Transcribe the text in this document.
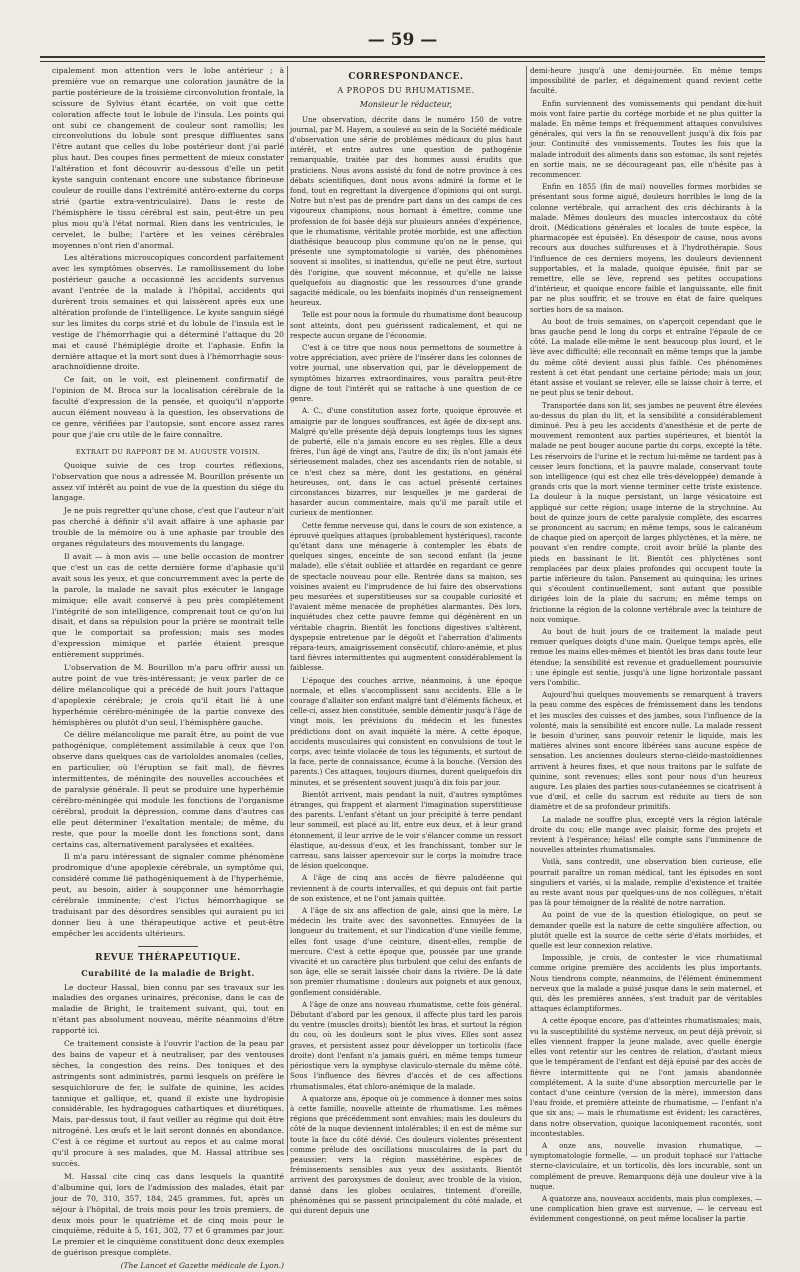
— 59 —

cipalement mon attention vers le lobe antérieur ; à première vue on remarque une coloration jaunâtre de la partie postérieure de la troisième circonvolution frontale, la scissure de Sylvius étant écartée, on voit que cette coloration affecte tout le lobule de l'insula. Les points qui ont subi ce changement de couleur sont ramollis; les circonvolutions du lobule sont presque diffluentes sans l'être autant que celles du lobe postérieur dont j'ai parlé plus haut. Des coupes fines permettent de mieux constater l'altération et font découvrir au-dessous d'elle un petit kyste sanguin contenant encore une substance fibrineuse couleur de rouille dans l'extrémité antéro-externe du corps strié (partie extra-ventriculaire). Dans le reste de l'hémisphère le tissu cérébral est sain, peut-être un peu plus mou qu'à l'état normal. Rien dans les ventricules, le cervelet, le bulbe; l'artère et les veines cérébrales moyennes n'ont rien d'anormal.

Les altérations microscopiques concordent parfaitement avec les symptômes observés. Le ramollissement du lobe postérieur gauche a occasionné les accidents survenus avant l'entrée de la malade à l'hôpital, accidents qui durèrent trois semaines et qui laissèrent après eux une altération profonde de l'intelligence. Le kyste sanguin siégé sur les limites du corps strié et du lobule de l'insula est le vestige de l'hémorrhagie qui a déterminé l'attaque du 20 mai et causé l'hémiplégie droite et l'aphasie. Enfin la dernière attaque et la mort sont dues à l'hémorrhagie sous-arachnoïdienne droite.

Ce fait, on le voit, est pleinement confirmatif de l'opinion de M. Broca sur la localisation cérébrale de la faculté d'expression de la pensée, et quoiqu'il n'apporte aucun élément nouveau à la question, les observations de ce genre, vérifiées par l'autopsie, sont encore assez rares pour que j'aie cru utile de le faire connaître.

EXTRAIT DU RAPPORT DE M. AUGUSTE VOISIN.

Quoique suivie de ces trop courtes réflexions, l'observation que nous a adressée M. Bourillon présente un assez vif intérêt au point de vue de la question du siége du langage.

Je ne puis regretter qu'une chose, c'est que l'auteur n'ait pas cherché à définir s'il avait affaire à une aphasie par trouble de la mémoire ou à une aphasie par trouble des organes régulateurs des mouvements du langage.

Il avait — à mon avis — une belle occasion de montrer que c'est un cas de cette dernière forme d'aphasie qu'il avait sous les yeux, et que concurremment avec la perte de la parole, la malade ne savait plus exécuter le langage mimique; elle avait conservé à peu près complétement l'intégrité de son intelligence, comprenait tout ce qu'on lui disait, et dans sa répulsion pour la prière se montrait telle que le comportait sa profession; mais ses modes d'expression mimique et parlée étaient presque entièrement supprimés.

L'observation de M. Bourillon m'a paru offrir aussi un autre point de vue très-intéressant; je veux parler de ce délire mélancolique qui a précédé de huit jours l'attaque d'apoplexie cérébrale; je crois qu'il était lié à une hyperhémie cérébro-méningée de la partie convexe des hémisphères ou plutôt d'un seul, l'hémisphère gauche.

Ce délire mélancolique me paraît être, au point de vue pathogénique, complétement assimilable à ceux que l'on observe dans quelques cas de variololdes anomales (celles, en particulier, où l'éruption se fait mal), de fièvres intermittentes, de méningite des nouvelles accouchées et de paralysie générale. Il peut se produire une hyperhémie cérébro-méningée qui module les fonctions de l'organisme cérébral, produit la dépression, comme dans d'autres cas elle peut déterminer l'exaltation mentale; de même, du reste, que pour la moelle dont les fonctions sont, dans certains cas, alternativement paralysées et exaltées.

Il m'a paru intéressant de signaler comme phénomène prodromique d'une apoplexie cérébrale, un symptôme qui, considéré comme lié pathogéniquement à de l'hyperhémie, peut, au besoin, aider à soupçonner une hémorrhagie cérébrale imminente; c'est l'ictus hémorrhagique se traduisant par des désordres sensibles qui auraient pu ici donner lieu à une thérapeutique active et peut-être empêcher les accidents ultérieurs.

REVUE THÉRAPEUTIQUE.
Curabilité de la maladie de Bright.

Le docteur Hassal, bien connu par ses travaux sur les maladies des organes urinaires, préconise, dans le cas de maladie de Bright, le traitement suivant, qui, tout en n'étant pas absolument nouveau, mérite néanmoins d'être rapporté ici.

Ce traitement consiste à l'ouvrir l'action de la peau par des bains de vapeur et à neutraliser, par des ventouses sèches, la congestion des reins. Des toniques et des astringents sont administrés, parmi lesquels on préfère le sesquichlorure de fer, le sulfate de quinine, les acides tannique et gallique, et, quand il existe une hydropisie considérable, les hydragogues cathartiques et diurétiques. Mais, par-dessus tout, il faut veiller au régime qui doit être nitrogéné. Les œufs et le lait seront donnés en abondance. C'est à ce régime et surtout au repos et au calme moral qu'il procure à ses malades, que M. Hassal attribue ses succès.

M. Hassal cite cinq cas dans lesquels la quantité d'albumine qui, lors de l'admission des malades, était par jour de 70, 310, 357, 184, 245 grammes, fut, après un séjour à l'hôpital, de trois mois pour les trois premiers, de deux mois pour le quatrième et de cinq mois pour le cinquième, réduite à 5, 161, 302, 77 et 6 grammes par jour. Le premier et le cinquième constituent donc deux exemples de guérison presque complète.

(The Lancet et Gazette médicale de Lyon.)
CORRESPONDANCE.
A PROPOS DU RHUMATISME.
Monsieur le rédacteur,

Une observation, décrite dans le numéro 150 de votre journal, par M. Hayem, a soulevé au sein de la Société médicale d'observation une série de problèmes médicaux du plus haut intérêt, et entre autres une question de pathogénie remarquable, traitée par des hommes aussi érudits que praticiens. Nous avons assisté du fond de notre province à ces débats scientifiques, dont nous avons admiré la forme et le fond, tout en regrettant la divergence d'opinions qui ont surgi. Notre but n'est pas de prendre part dans un des camps de ces vigoureux champions, nous bornant à émettre, comme une profession de foi basée déjà sur plusieurs années d'expérience, que le rhumatisme, véritable protée morbide, est une affection diathésique beaucoup plus commune qu'on ne le pense, qui présente une symptomatologie si variée, des phénomènes souvent si insolites, si inattendus, qu'elle ne peut être, surtout dès l'origine, que souvent méconnue, et qu'elle ne laisse quelquefois au diagnostic que les ressources d'une grande sagacité médicale, ou les bienfaits inopinés d'un renseignement heureux.

Telle est pour nous la formule du rhumatisme dont beaucoup sont atteints, dont peu guérissent radicalement, et qui ne respecte aucun organe de l'économie.

C'est à ce titre que nous nous permettons de soumettre à votre appréciation, avec prière de l'insérer dans les colonnes de votre journal, une observation qui, par le développement de symptômes bizarres extraordinaires, vous paraîtra peut-être digne de tout l'intérêt qui se rattache à une question de ce genre.

A. C., d'une constitution assez forte, quoique éprouvée et amaigrie par de longues souffrances, est âgée de dix-sept ans. Malgré qu'elle présente déjà depuis longtemps tous les signes de puberté, elle n'a jamais encore eu ses règles. Elle a deux frères, l'un âgé de vingt ans, l'autre de dix; ils n'ont jamais été sérieusement malades, chez ses ascendants rien de notable, si ce n'est chez sa mère, dont les gestations, en général heureuses, ont, dans le cas actuel présenté certaines circonstances bizarres, sur lesquelles je me garderai de hasarder aucun commentaire, mais qu'il me paraît utile et curieux de mentionner.

Cette femme nerveuse qui, dans le cours de son existence, a éprouvé quelques attaques (probablement hystériques), raconte qu'étant dans une ménagerie à contempler les ébats de quelques singes, enceinte de son second enfant (la jeune malade), elle s'était oubliée et attardée en regardant ce genre de spectacle nouveau pour elle. Rentrée dans sa maison, ses voisines avaient eu l'imprudence de lui faire des observations peu mesurées et superstitieuses sur sa coupable curiosité et l'avaient même menacée de prophéties alarmantes. Dès lors, inquiétudes chez cette pauvre femme qui dégénèrent en un véritable chagrin. Bientôt les fonctions digestives s'altèrent, dyspepsie entretenue par le dégoût et l'aberration d'aliments répara-teurs, amaigrissement consécutif, chloro-anémie, et plus tard fièvres intermittentes qui augmentent considérablement la faiblesse.

L'époque des couches arrive, néanmoins, à une époque normale, et elles s'accomplissent sans accidents. Elle a le courage d'allaiter son enfant malgré tant d'éléments fâcheux, et celle-ci, assez bien constituée, semble démentir jusqu'à l'âge de vingt mois, les prévisions du médecin et les funestes prédictions dont on avait inquiété la mère. A cette époque, accidents musculaires qui consistent en convulsions de tout le corps, avec teinte violacée de tous les téguments, et surtout de la face, perte de connaissance, écume à la bouche. (Version des parents.) Ces attaques, toujours diurnes, durent quelquefois dix minutes, et se présentent souvent jusqu'à dix fois par jour.

Bientôt arrivent, mais pendant la nuit, d'autres symptômes étranges, qui frappent et alarment l'imagination superstitieuse des parents. L'enfant s'étant un jour précipité à terre pendant leur sommeil, est placé au lit, entre eux deux, et à leur grand étonnement, il leur arrive de le voir s'élancer comme un ressort élastique, au-dessus d'eux, et les franchissant, tomber sur le carreau, sans laisser apercevoir sur le corps la moindre trace de lésion quelconque.

A l'âge de cinq ans accès de fièvre paludéenne qui reviennent à de courts intervalles, et qui depuis ont fait partie de son existence, et ne l'ont jamais quittée.

A l'âge de six ans affection de gale, ainsi que la mère. Le médecin les traite avec des savonnettes. Ennuyées de la longueur du traitement, et sur l'indication d'une vieille femme, elles font usage d'une ceinture, disent-elles, remplie de mercure. C'est à cette époque que, poussée par une grande vivacité et un caractère plus turbulent que celui des enfants de son âge, elle se serait laissée choir dans la rivière. De là date son premier rhumatisme : douleurs aux poignets et aux genoux, gonflement considérable.

A l'âge de onze ans nouveau rhumatisme, cette fois général. Débutant d'abord par les genoux, il affecte plus tard les parois du ventre (muscles droits); bientôt les bras, et surtout la région du cou, où les douleurs sont le plus vives. Elles sont assez graves, et persistent assez pour développer un torticolis (face droite) dont l'enfant n'a jamais guéri, en même temps tumeur périostique vers la symphyse claviculo-sternale du même côté. Sous l'influence des fièvres d'accès et de ces affections rhumatismales, état chloro-anémique de la malade.

A quatorze ans, époque où je commence à donner mes soins à cette famille, nouvelle atteinte de rhumatisme. Les mêmes régions que précédemment sont envahies; mais les douleurs du côté de la nuque deviennent intolérables; il en est de même sur toute la face du côté dévié. Ces douleurs violentes présentent comme prélude des oscillations musculaires de la part du peaussier; vers la région massétérine, espèces de frémissements sensibles aux yeux des assistants. Bientôt arrivent des paroxysmes de douleur, avec trouble de la vision, dansé dans les globes oculaires, tintement d'oreille, phénomènes qui se passent principalement du côté malade, et qui durent depuis une

demi-heure jusqu'à une demi-journée. En même temps impossibilité de parler, et dégainement quand revient cette faculté.

Enfin surviennent des vomissements qui pendant dix-huit mois vont faire partie du cortége morbide et ne plus quitter la malade. En même temps et fréquemment attaques convulsives générales, qui vers la fin se renouvellent jusqu'à dix fois par jour. Continuité des vomissements. Toutes les fois que la malade introduit des aliments dans son estomac, ils sont rejetés en sortie mais, ne se décourageant pas, elle n'hésite pas à recommencer.

Enfin en 1855 (fin de mai) nouvelles formes morbides se présentant sous forme aiguë, douleurs horribles le long de la colonne vertébrale, qui arrachent des cris déchirants à la malade. Mêmes douleurs des muscles intercostaux du côté droit. (Médications générales et locales de toute espèce, la pharmacopée est épuisée). En désespoir de cause, nous avons recours aux douches sulfureuses et à l'hydrothérapie. Sous l'influence de ces derniers moyens, les douleurs deviennent supportables, et la malade, quoique épuisée, finit par se remettre, elle se lève, reprend ses petites occupations d'intérieur, et quoique encore faible et languissante, elle finit par ne plus souffrir, et se trouve en état de faire quelques sorties hors de sa maison.

Au bout de trois semaines, on s'aperçoit cependant que le bras gauche pend le long du corps et entraîne l'épaule de ce côté. La malade elle-même le sent beaucoup plus lourd, et le lève avec difficulté; elle reconnaît en même temps que la jambe du même côté devient aussi plus faible. Ces phénomènes restent à cet état pendant une certaine période; mais un jour, étant assise et voulant se relever, elle se laisse choir à terre, et ne peut plus se tenir debout.

Transportée dans son lit, ses jambes ne peuvent être élevées au-dessus du plan du lit, et la sensibilité a considérablement diminué. Peu à peu les accidents d'anesthésie et de perte de mouvement remontent aux parties supérieures, et bientôt la malade ne peut bouger aucune partie du corps, excepté la tête. Les réservoirs de l'urine et le rectum lui-même ne tardent pas à cesser leurs fonctions, et la pauvre malade, conservant toute son intelligence (qui est chez elle très-développée) demande à grands cris que la mort vienne terminer cette triste existence. La douleur à la nuque persistant, un large vésicatoire est appliqué sur cette région; usage interne de la strychnine. Au bout de quinze jours de cette paralysie complète, des escarres se prononcent au sacrum; en même temps, sous le calcanéum de chaque pied on aperçoit de larges phlyctènes, et la mère, ne pouvant s'en rendre compte, croit avoir brûlé la plante des pieds en bassinant le lit. Bientôt ces phlyctènes sont remplacées par deux plaies profondes qui occupent toute la partie inférieure du talon. Pansement au quinquina; les urines qui s'écoulent continuellement, sont autant que possible dirigées loin de la plaie du sacrum; en même temps on frictionne la région de la colonne vertébrale avec la teinture de noix vomique.

Au bout de huit jours de ce traitement la malade peut remuer quelques doigts d'une main. Quelque temps après, elle remue les mains elles-mêmes et bientôt les bras dans toute leur étendue; la sensibilité est revenue et graduellement poursuivie : une épingle est sentie, jusqu'à une ligne horizontale passant vers l'ombilic.

Aujourd'hui quelques mouvements se remarquent à travers la peau comme des espèces de frémissement dans les tendons et les muscles des cuisses et des jambes, sous l'influence de la volonté, mais la sensibilité est encore nulle. La malade ressent le besoin d'uriner, sans pouvoir retenir le liquide, mais les matières alvines sont encore libérées sans aucune espèce de sensation. Les anciennes douleurs sterno-cléido-mastoïdiennes arrivent à heures fixes, et que nous traitons par le sulfate de quinine, sont revenues; elles sont pour nous d'un heureux augure. Les plaies des parties sous-cutanéennes se cicatrisent à vue d'œil, et celle du sacrum est réduite au tiers de son diamètre et de sa profondeur primitifs.

La malade ne souffre plus, excepté vers la région latérale droite du cou; elle mange avec plaisir, forme des projets et revient à l'espérance; hélas! elle compte sans l'imminence de nouvelles atteintes rhumatismales.

Voilà, sans contredit, une observation bien curieuse, elle pourrait paraître un roman médical, tant les épisodes en sont singuliers et variés, si la malade, remplie d'existence et traitée au reste avant nous par quelques-uns de nos collègues, n'était pas là pour témoigner de la réalité de notre narration.

Au point de vue de la question étiologique, on peut se demander quelle est la nature de cette singulière affection, ou plutôt quelle est la source de cette série d'états morbides, et quelle est leur connexion relative.

Impossible, je crois, de contester le vice rhumatismal comme origine première des accidents les plus importants. Nous tiendrons compte, néanmoins, de l'élément éminemment nerveux que la malade a puisé jusque dans le sein maternel, et qui, dès les premières années, s'est traduit par de véritables attaques éclamptiformes.

A cette époque encore, pas d'atteintes rhumatismales; mais, vu la susceptibilité du système nerveux, on peut déjà prévoir, si elles viennent frapper la jeune malade, avec quelle énergie elles vont retentir sur les centres de relation, d'autant mieux que le tempérament de l'enfant est déjà épuisé par des accès de fièvre intermittente qui ne l'ont jamais abandonnée complétement. A la suite d'une absorption mercurielle par le contact d'une ceinture (version de la mère), immersion dans l'eau froide, et première atteinte de rhumatisme, — l'enfant n'a que six ans; — mais le rhumatisme est évident; les caractères, dans notre observation, quoique laconiquement racontés, sont incontestables.

A onze ans, nouvelle invasion rhumatique, — symptomatologie formelle, — un produit tophacé sur l'attache sterno-claviculaire, et un torticolis, dès lors incurable, sont un complément de preuve. Remarquons déjà une douleur vive à la nuque.

A quatorze ans, nouveaux accidents, mais plus complexes, — une complication bien grave est survenue, — le cerveau est évidemment congestionné, on peut même localiser la partie
